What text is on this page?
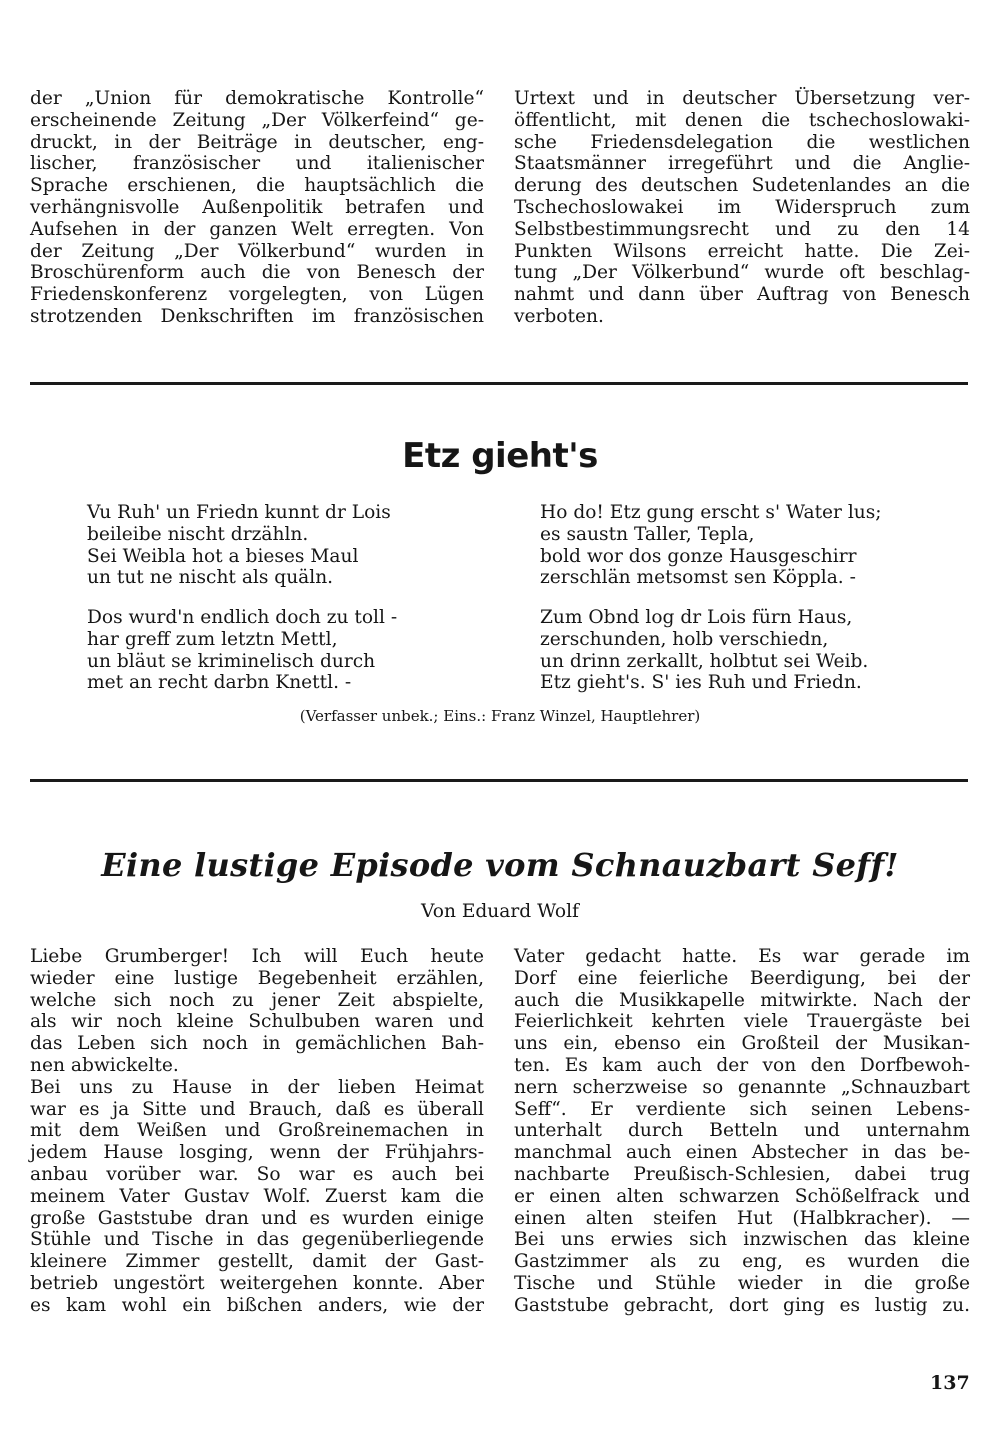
der „Union für demokratische Kontrolle“
erscheinende Zeitung „Der Völkerfeind“ ge-
druckt, in der Beiträge in deutscher, eng-
lischer, französischer und italienischer
Sprache erschienen, die hauptsächlich die
verhängnisvolle Außenpolitik betrafen und
Aufsehen in der ganzen Welt erregten. Von
der Zeitung „Der Völkerbund“ wurden in
Broschürenform auch die von Benesch der
Friedenskonferenz vorgelegten, von Lügen
strotzenden Denkschriften im französischen
Urtext und in deutscher Übersetzung ver-
öffentlicht, mit denen die tschechoslowaki-
sche Friedensdelegation die westlichen
Staatsmänner irregeführt und die Anglie-
derung des deutschen Sudetenlandes an die
Tschechoslowakei im Widerspruch zum
Selbstbestimmungsrecht und zu den 14
Punkten Wilsons erreicht hatte. Die Zei-
tung „Der Völkerbund“ wurde oft beschlag-
nahmt und dann über Auftrag von Benesch
verboten.
Etz gieht's
Vu Ruh' un Friedn kunnt dr Lois
beileibe nischt drzähln.
Sei Weibla hot a bieses Maul
un tut ne nischt als quäln.
Dos wurd'n endlich doch zu toll -
har greff zum letztn Mettl,
un bläut se kriminelisch durch
met an recht darbn Knettl. -
Ho do! Etz gung erscht s' Water lus;
es saustn Taller, Tepla,
bold wor dos gonze Hausgeschirr
zerschlän metsomst sen Köppla. -
Zum Obnd log dr Lois fürn Haus,
zerschunden, holb verschiedn,
un drinn zerkallt, holbtut sei Weib.
Etz gieht's. S' ies Ruh und Friedn.

(Verfasser unbek.; Eins.: Franz Winzel, Hauptlehrer)

Eine lustige Episode vom Schnauzbart Seff!

Von Eduard Wolf

Liebe Grumberger! Ich will Euch heute
wieder eine lustige Begebenheit erzählen,
welche sich noch zu jener Zeit abspielte,
als wir noch kleine Schulbuben waren und
das Leben sich noch in gemächlichen Bah-
nen abwickelte.
Bei uns zu Hause in der lieben Heimat
war es ja Sitte und Brauch, daß es überall
mit dem Weißen und Großreinemachen in
jedem Hause losging, wenn der Frühjahrs-
anbau vorüber war. So war es auch bei
meinem Vater Gustav Wolf. Zuerst kam die
große Gaststube dran und es wurden einige
Stühle und Tische in das gegenüberliegende
kleinere Zimmer gestellt, damit der Gast-
betrieb ungestört weitergehen konnte. Aber
es kam wohl ein bißchen anders, wie der
Vater gedacht hatte. Es war gerade im
Dorf eine feierliche Beerdigung, bei der
auch die Musikkapelle mitwirkte. Nach der
Feierlichkeit kehrten viele Trauergäste bei
uns ein, ebenso ein Großteil der Musikan-
ten. Es kam auch der von den Dorfbewoh-
nern scherzweise so genannte „Schnauzbart
Seff“. Er verdiente sich seinen Lebens-
unterhalt durch Betteln und unternahm
manchmal auch einen Abstecher in das be-
nachbarte Preußisch-Schlesien, dabei trug
er einen alten schwarzen Schößelfrack und
einen alten steifen Hut (Halbkracher). —
Bei uns erwies sich inzwischen das kleine
Gastzimmer als zu eng, es wurden die
Tische und Stühle wieder in die große
Gaststube gebracht, dort ging es lustig zu.

137
